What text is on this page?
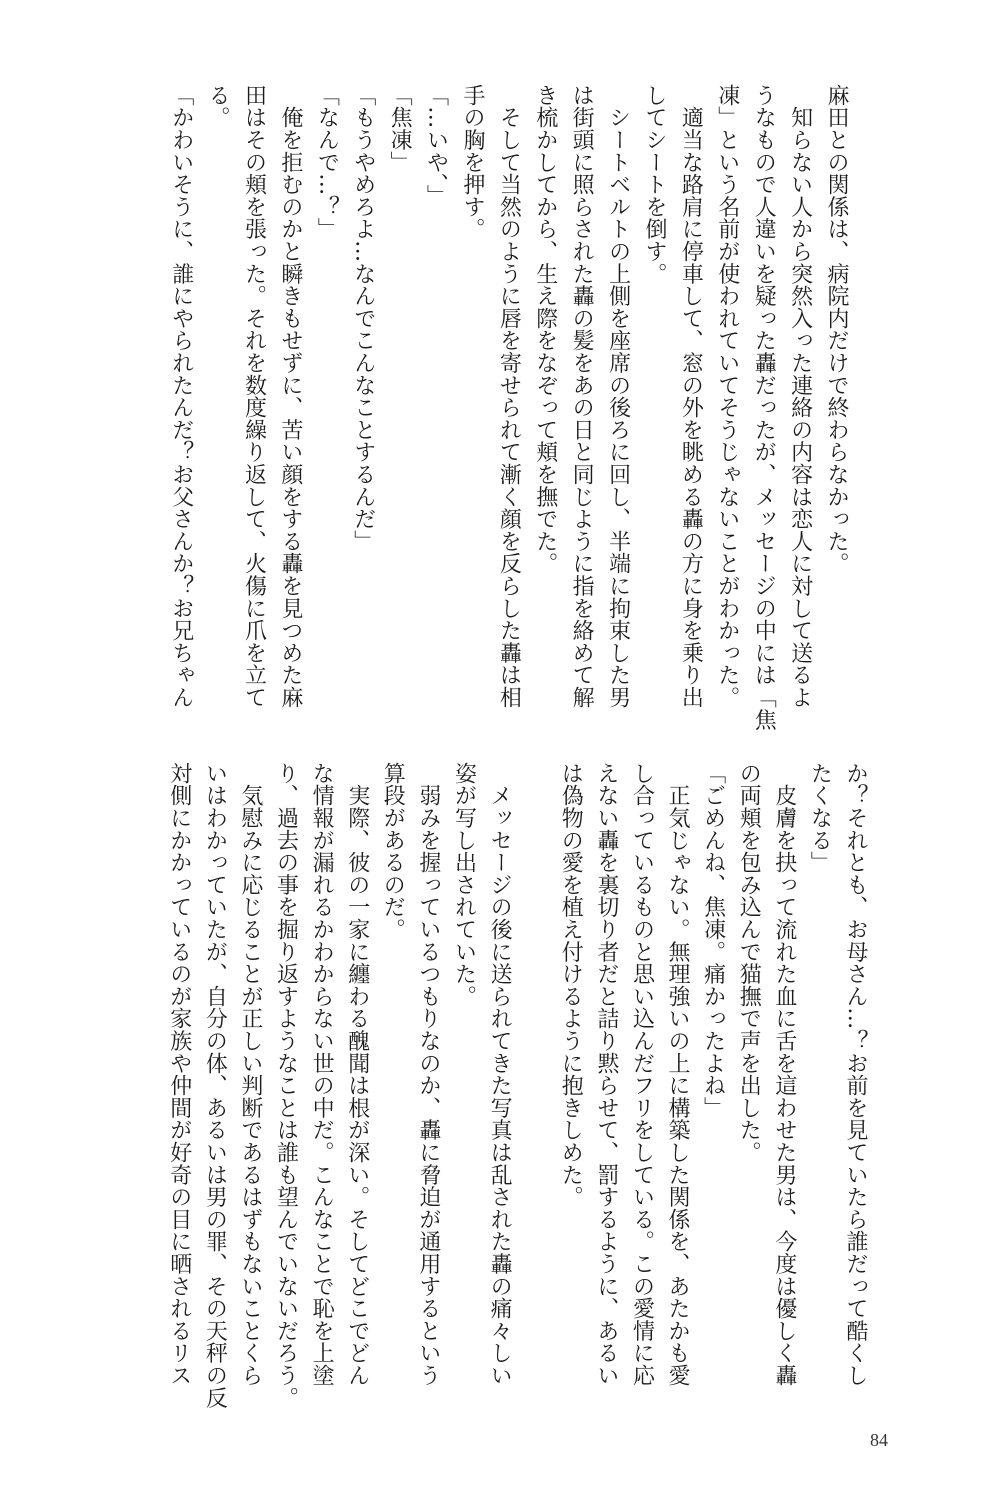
麻田との関係は、病院内だけで終わらなかった。
　知らない人から突然入った連絡の内容は恋人に対して送るよ
うなもので人違いを疑った轟だったが、メッセージの中には「焦
凍」という名前が使われていてそうじゃないことがわかった。
　適当な路肩に停車して、窓の外を眺める轟の方に身を乗り出
してシートを倒す。
　シートベルトの上側を座席の後ろに回し、半端に拘束した男
は街頭に照らされた轟の髪をあの日と同じように指を絡めて解
き梳かしてから、生え際をなぞって頬を撫でた。
　そして当然のように唇を寄せられて漸く顔を反らした轟は相
手の胸を押す。
「…いや、」
「焦凍」
「もうやめろよ…なんでこんなことするんだ」
「なんで…？」
　俺を拒むのかと瞬きもせずに、苦い顔をする轟を見つめた麻
田はその頬を張った。それを数度繰り返して、火傷に爪を立て
る。
「かわいそうに、誰にやられたんだ？お父さんか？お兄ちゃん
か？それとも、お母さん…？お前を見ていたら誰だって酷くし
たくなる」
　皮膚を抉って流れた血に舌を這わせた男は、今度は優しく轟
の両頬を包み込んで猫撫で声を出した。
「ごめんね、焦凍。痛かったよね」
　正気じゃない。無理強いの上に構築した関係を、あたかも愛
し合っているものと思い込んだフリをしている。この愛情に応
えない轟を裏切り者だと詰り黙らせて、罰するように、あるい
は偽物の愛を植え付けるように抱きしめた。
　メッセージの後に送られてきた写真は乱された轟の痛々しい
姿が写し出されていた。
　弱みを握っているつもりなのか、轟に脅迫が通用するという
算段があるのだ。
　実際、彼の一家に纏わる醜聞は根が深い。そしてどこでどん
な情報が漏れるかわからない世の中だ。こんなことで恥を上塗
り、過去の事を掘り返すようなことは誰も望んでいないだろう。
　気慰みに応じることが正しい判断であるはずもないことくら
いはわかっていたが、自分の体、あるいは男の罪、その天秤の反
対側にかかっているのが家族や仲間が好奇の目に晒されるリス
84
